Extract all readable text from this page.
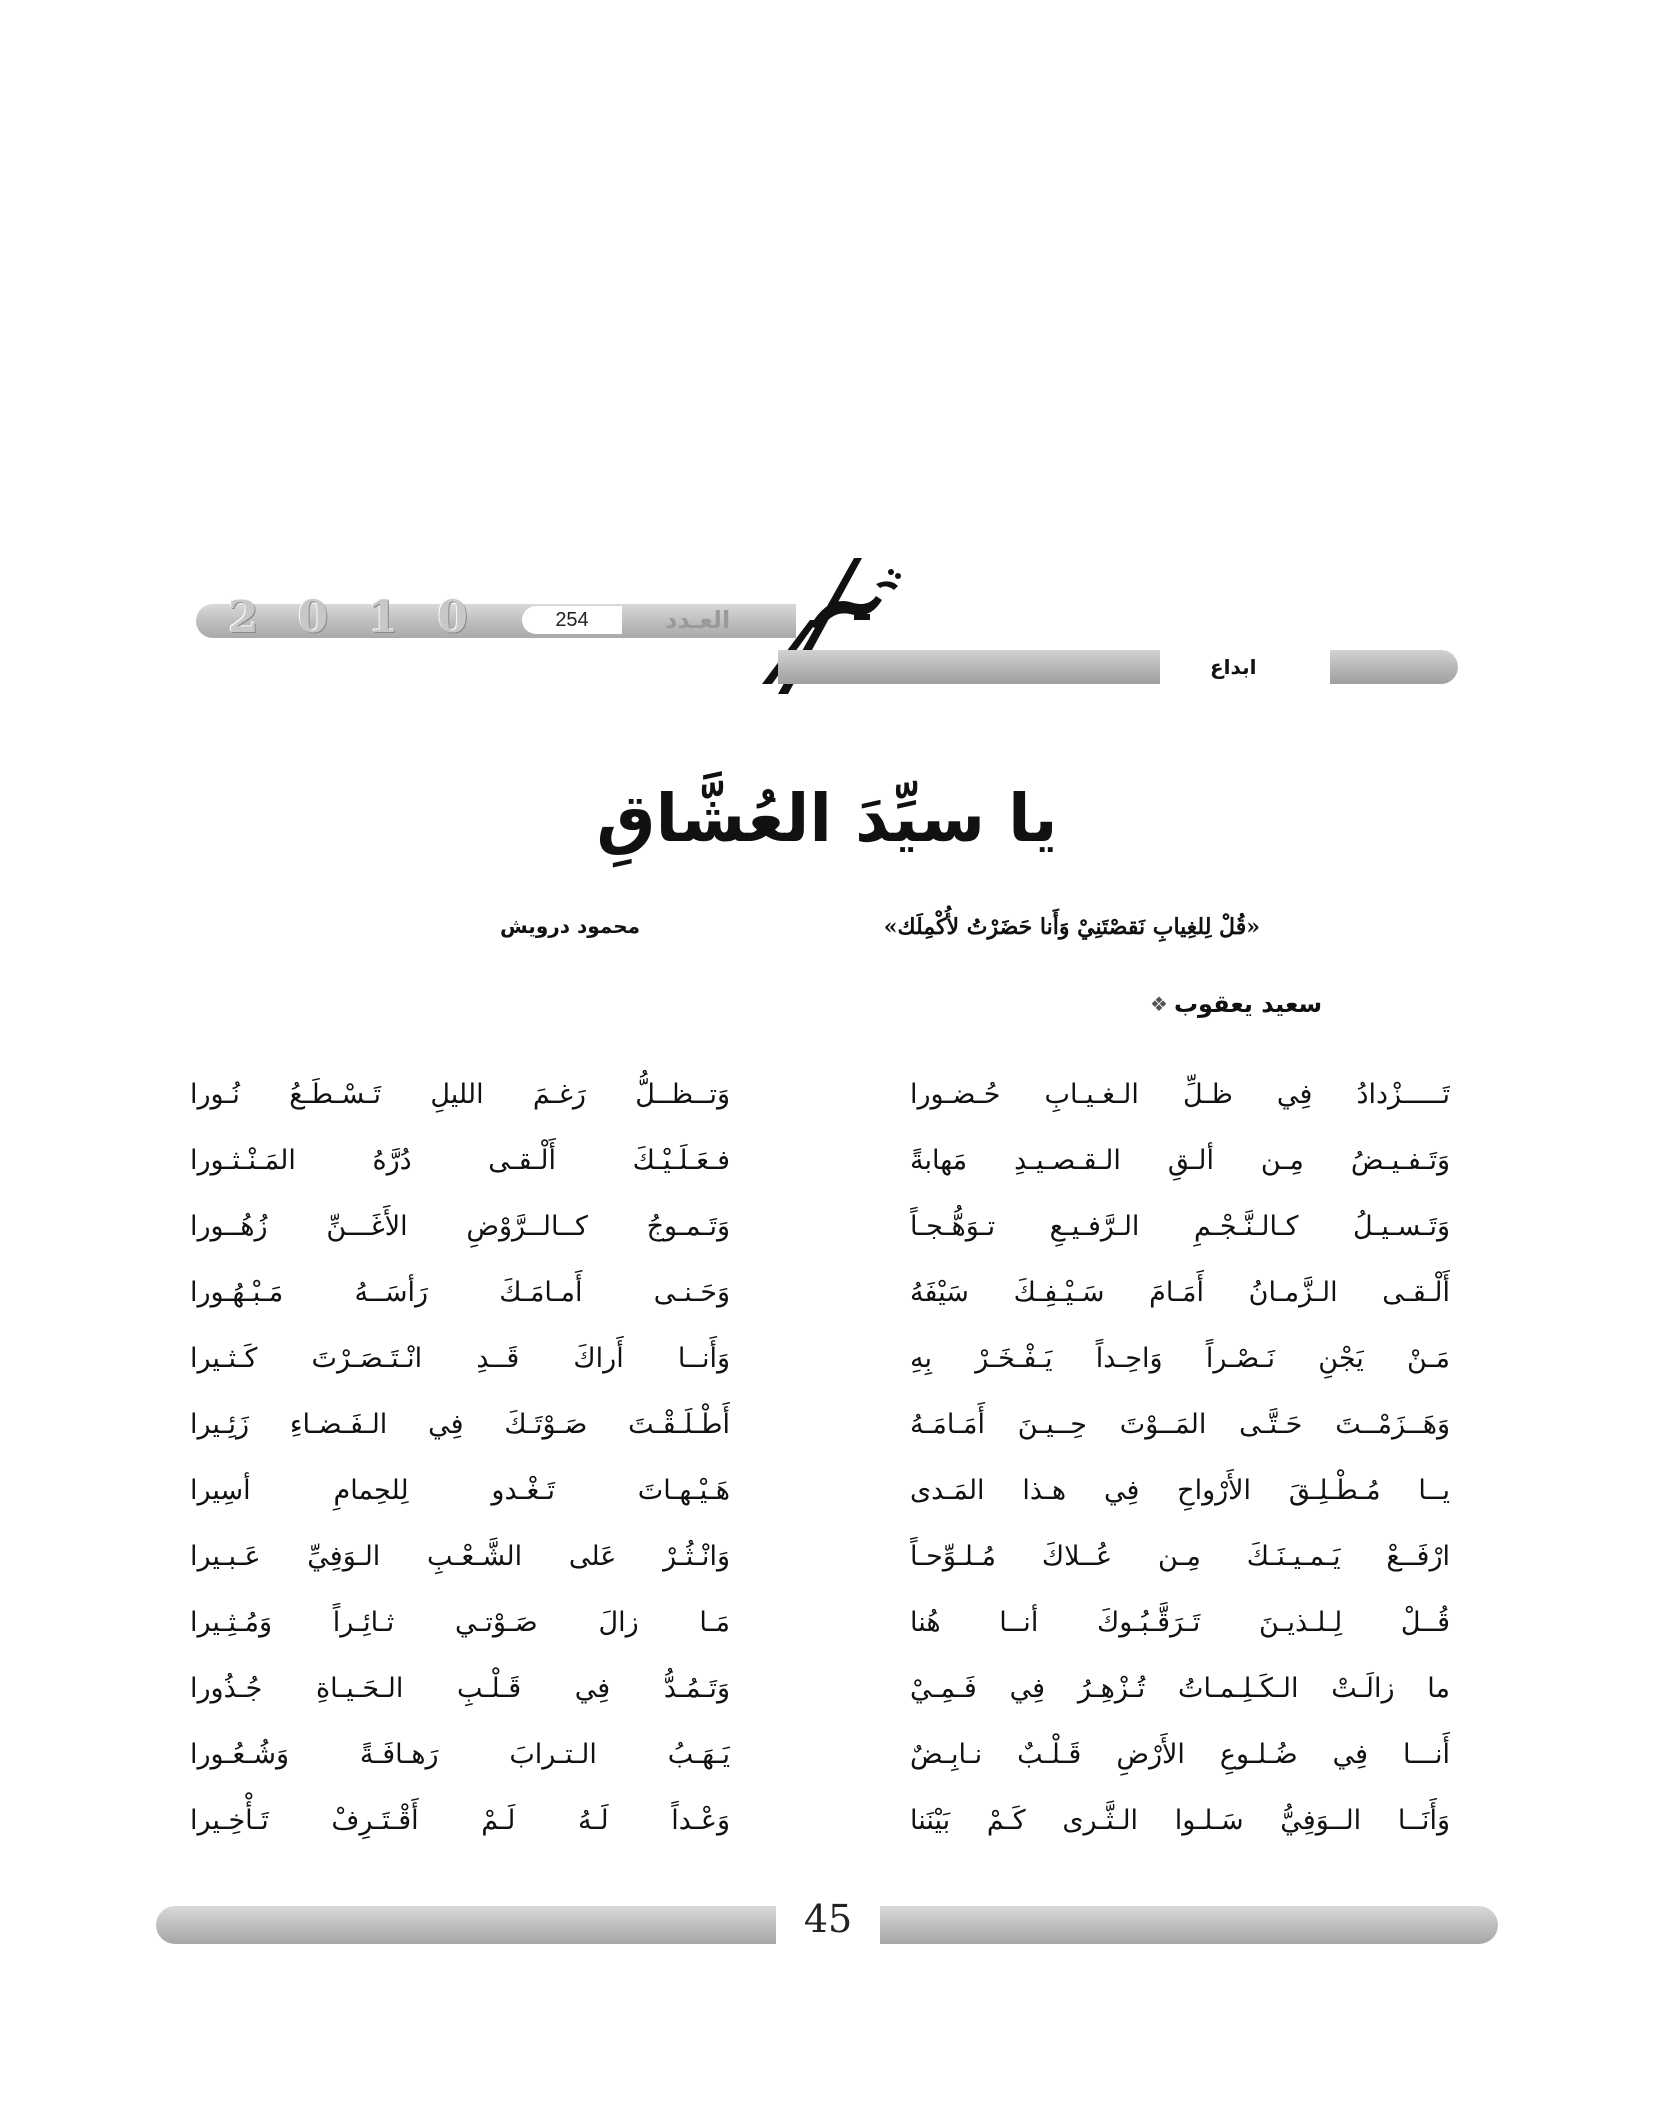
2 0 1 0	254	العـدد
ابداع
يا سيِّدَ العُشَّاقِ
«قُلْ لِلغِيابِ نَقصْتَنِيْ وَأَنا حَضَرْتُ لأُكْمِلَك»
محمود درويش
سعيد يعقوب
❖
تَـــــزْدادُ فِي ظـلِّ الـغـيـابِ حُـضـورا
وَتَـفـيـضُ مِـن ألـقِ الـقـصـيـدِ مَهابةً
وَتَـسـيـلُ كـالـنَّـجْـمِ الـرَّفـيـعِ تـوَهُّـجـاً
أَلْـقـى الـزَّمـانُ أَمَـامَ سَـيْـفِـكَ سَيْفَهُ
مَـنْ يَجْنِ نَـصْـراً وَاحِـداً يَـفْـخَـرْ بِهِ
وَهَــزَمْــتَ حَـتَّـى المَــوْتَ حِــيـنَ أَمَـامَـهُ
يــا مُـطْـلِـقَ الأَرْواحِ فِي هـذا المَـدى
ارْفَــعْ يَـمـيـنَـكَ مِـن عُــلاكَ مُـلـوِّحـاً
قُــلْ لِـلـذيـنَ تَـرَقَّـبُـوكَ أنــا هُنا
ما زالَـتْ الـكَـلِـمـاتُ تُـزْهِـرُ فِي فَـمِـيْ
أَنـــا فِي ضُـلـوعِ الأَرْضِ قَـلْـبٌ نـابِـضٌ
وَأَنَــا الــوَفِيُّ سَـلـوا الـثَّـرى كَـمْ بَيْنَنا
وَتــظــلُّ رَغـمَ الليلِ تَـسْـطَـعُ نُـورا
فـعَـلَـيْـكَ أَلْـقـى دُرَّهُ المَـنْـثـورا
وَتَـمـوجُ كــالــرَّوْضِ الأَغَـــنِّ زُهُــورا
وَحَـنـى أَمـامَـكَ رَأسَــهُ مَـبْـهُـورا
وَأَنــا أَراكَ قَــدِ انْـتَـصَـرْتَ كَـثـيرا
أَطْـلَـقْـتَ صَـوْتَـكَ فِي الـفَـضـاءِ زَئِـيرا
هَـيْـهـاتَ تَـغْـدو لِلحِمامِ أسِيرا
وَانْـثُـرْ عَلى الشَّـعْـبِ الـوَفِيِّ عَـبـيرا
مَـا زالَ صَـوْتـي ثـائِـراً وَمُـثِـيرا
وَتَـمُـدُّ فِي قَـلْـبِ الـحَـيـاةِ جُـذُورا
يَـهَـبُ الـتـرابَ رَهـافَـةً وَشُـعُـورا
وَعْـداً لَـهُ لَـمْ أَقْـتَـرِفْ تَـأْخِـيرا
45
